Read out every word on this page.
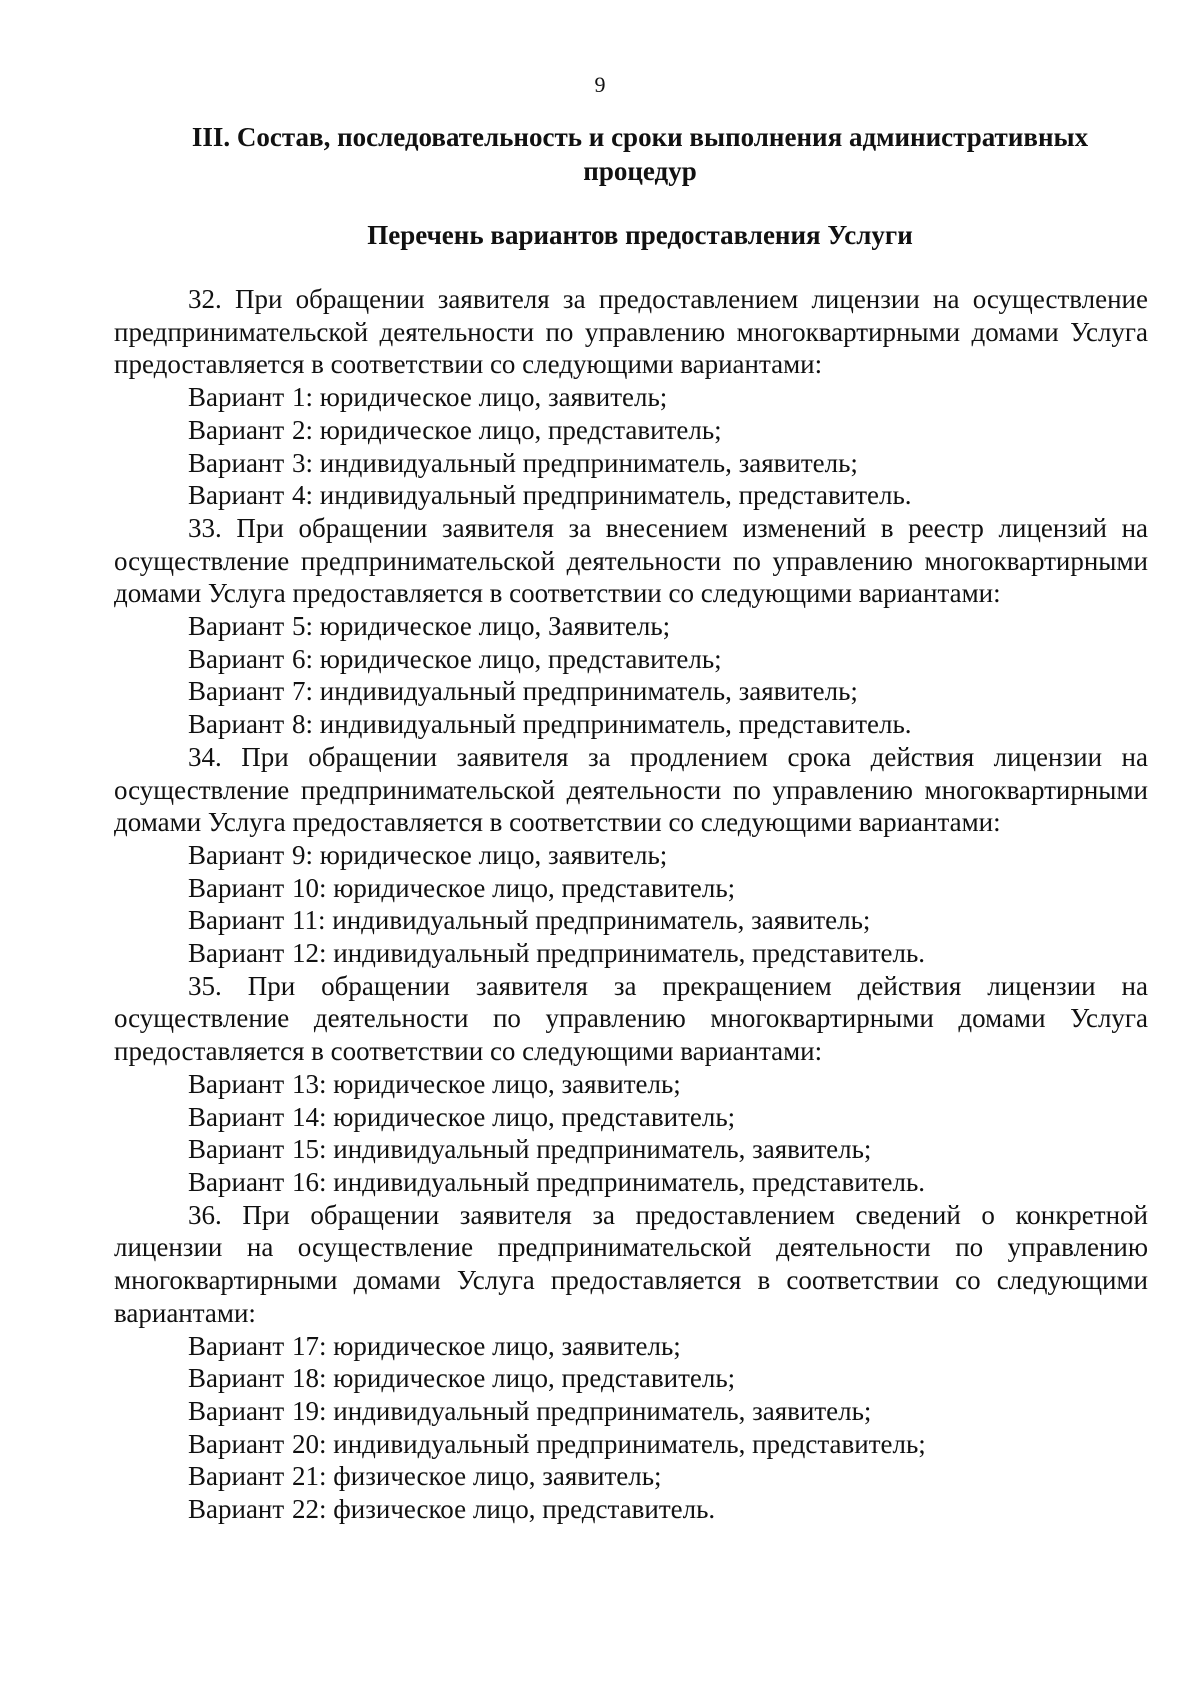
9
III. Состав, последовательность и сроки выполнения административных процедур
Перечень вариантов предоставления Услуги

32. При обращении заявителя за предоставлением лицензии на осуществление предпринимательской деятельности по управлению многоквартирными домами Услуга предоставляется в соответствии со следующими вариантами:

Вариант 1: юридическое лицо, заявитель;
Вариант 2: юридическое лицо, представитель;
Вариант 3: индивидуальный предприниматель, заявитель;
Вариант 4: индивидуальный предприниматель, представитель.

33. При обращении заявителя за внесением изменений в реестр лицензий на осуществление предпринимательской деятельности по управлению многоквартирными домами Услуга предоставляется в соответствии со следующими вариантами:

Вариант 5: юридическое лицо, Заявитель;
Вариант 6: юридическое лицо, представитель;
Вариант 7: индивидуальный предприниматель, заявитель;
Вариант 8: индивидуальный предприниматель, представитель.

34. При обращении заявителя за продлением срока действия лицензии на осуществление предпринимательской деятельности по управлению многоквартирными домами Услуга предоставляется в соответствии со следующими вариантами:

Вариант 9: юридическое лицо, заявитель;
Вариант 10: юридическое лицо, представитель;
Вариант 11: индивидуальный предприниматель, заявитель;
Вариант 12: индивидуальный предприниматель, представитель.

35. При обращении заявителя за прекращением действия лицензии на осуществление деятельности по управлению многоквартирными домами Услуга предоставляется в соответствии со следующими вариантами:

Вариант 13: юридическое лицо, заявитель;
Вариант 14: юридическое лицо, представитель;
Вариант 15: индивидуальный предприниматель, заявитель;
Вариант 16: индивидуальный предприниматель, представитель.

36. При обращении заявителя за предоставлением сведений о конкретной лицензии на осуществление предпринимательской деятельности по управлению многоквартирными домами Услуга предоставляется в соответствии со следующими вариантами:

Вариант 17: юридическое лицо, заявитель;
Вариант 18: юридическое лицо, представитель;
Вариант 19: индивидуальный предприниматель, заявитель;
Вариант 20: индивидуальный предприниматель, представитель;
Вариант 21: физическое лицо, заявитель;
Вариант 22: физическое лицо, представитель.
